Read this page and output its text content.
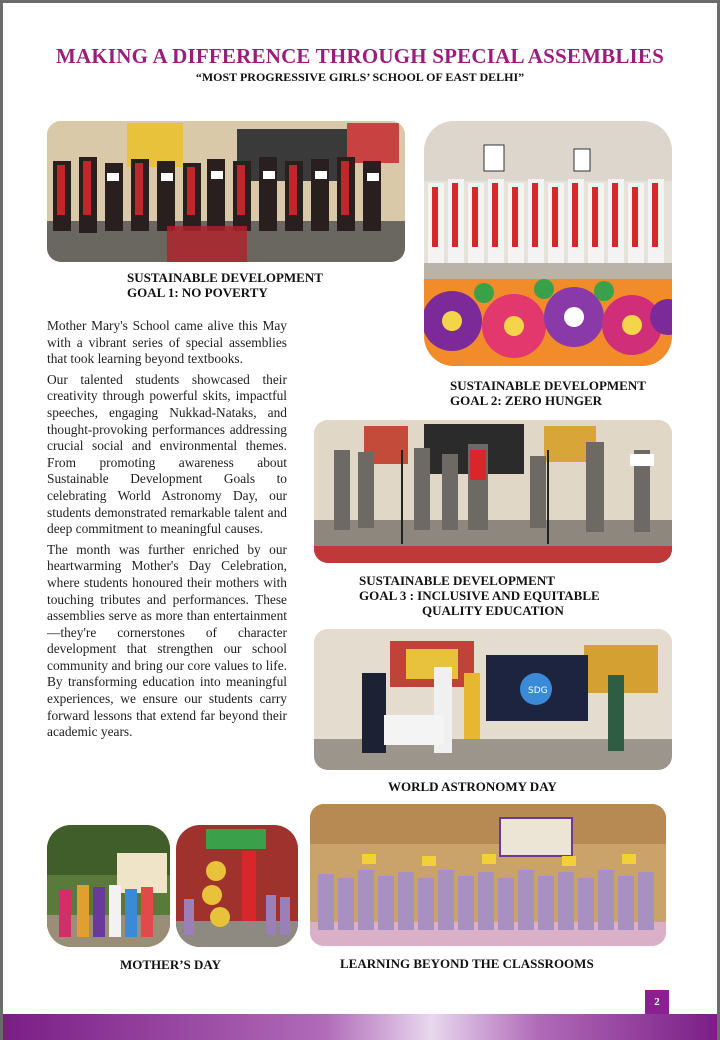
MAKING A DIFFERENCE THROUGH SPECIAL ASSEMBLIES
“MOST PROGRESSIVE GIRLS’ SCHOOL OF EAST DELHI”
SUSTAINABLE DEVELOPMENT
GOAL 1: NO POVERTY
SUSTAINABLE DEVELOPMENT
GOAL 2: ZERO HUNGER

Mother Mary's School came alive this May with a vibrant series of special assemblies that took learning beyond textbooks.

Our talented students showcased their creativity through powerful skits, impactful speeches, engaging Nukkad-Nataks, and thought-provoking performances addressing crucial social and environmental themes. From promoting awareness about Sustainable Development Goals to celebrating World Astronomy Day, our students demonstrated remarkable talent and deep commitment to meaningful causes.

The month was further enriched by our heartwarming Mother's Day Celebration, where students honoured their mothers with touching tributes and performances. These assemblies serve as more than entertainment—they're cornerstones of character development that strengthen our school community and bring our core values to life. By transforming education into meaningful experiences, we ensure our students carry forward lessons that extend far beyond their academic years.

SUSTAINABLE DEVELOPMENT
GOAL 3 : INCLUSIVE AND EQUITABLE
QUALITY EDUCATION
SDG
WORLD ASTRONOMY DAY
MOTHER’S DAY	LEARNING BEYOND THE CLASSROOMS
2
